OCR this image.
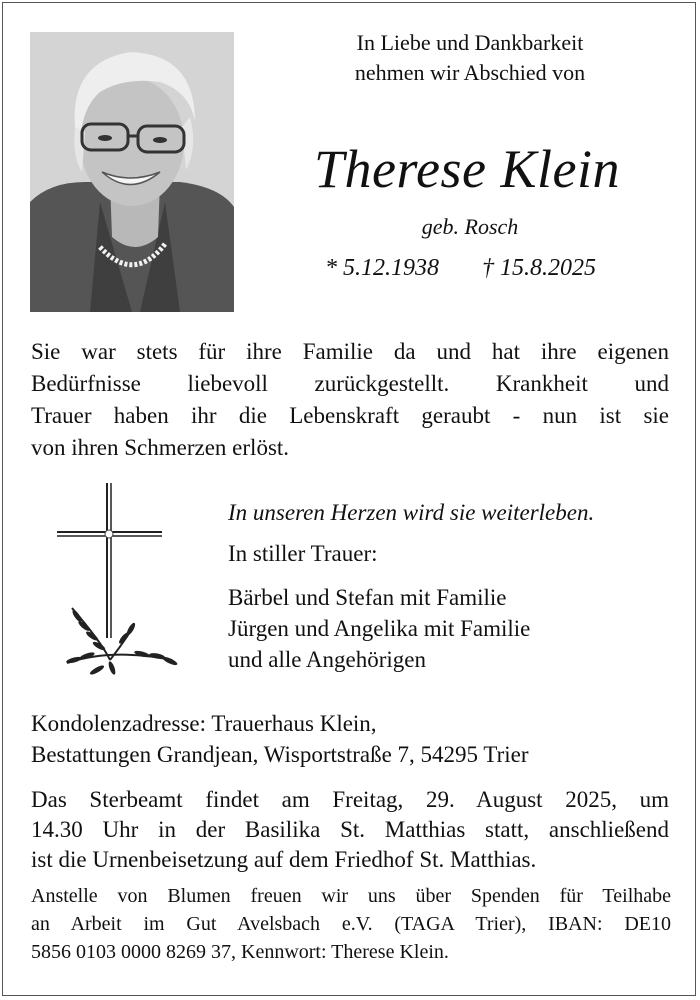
In Liebe und Dankbarkeit
nehmen wir Abschied von
Therese Klein
geb. Rosch
* 5.12.1938 † 15.8.2025
Sie war stets für ihre Familie da und hat ihre eigenen
Bedürfnisse liebevoll zurückgestellt. Krankheit und
Trauer haben ihr die Lebenskraft geraubt - nun ist sie
von ihren Schmerzen erlöst.
In unseren Herzen wird sie weiterleben.
In stiller Trauer:
Bärbel und Stefan mit Familie
Jürgen und Angelika mit Familie
und alle Angehörigen
Kondolenzadresse: Trauerhaus Klein,
Bestattungen Grandjean, Wisportstraße 7, 54295 Trier
Das Sterbeamt findet am Freitag, 29. August 2025, um
14.30 Uhr in der Basilika St. Matthias statt, anschließend
ist die Urnenbeisetzung auf dem Friedhof St. Matthias.
Anstelle von Blumen freuen wir uns über Spenden für Teilhabe
an Arbeit im Gut Avelsbach e.V. (TAGA Trier), IBAN: DE10
5856 0103 0000 8269 37, Kennwort: Therese Klein.
